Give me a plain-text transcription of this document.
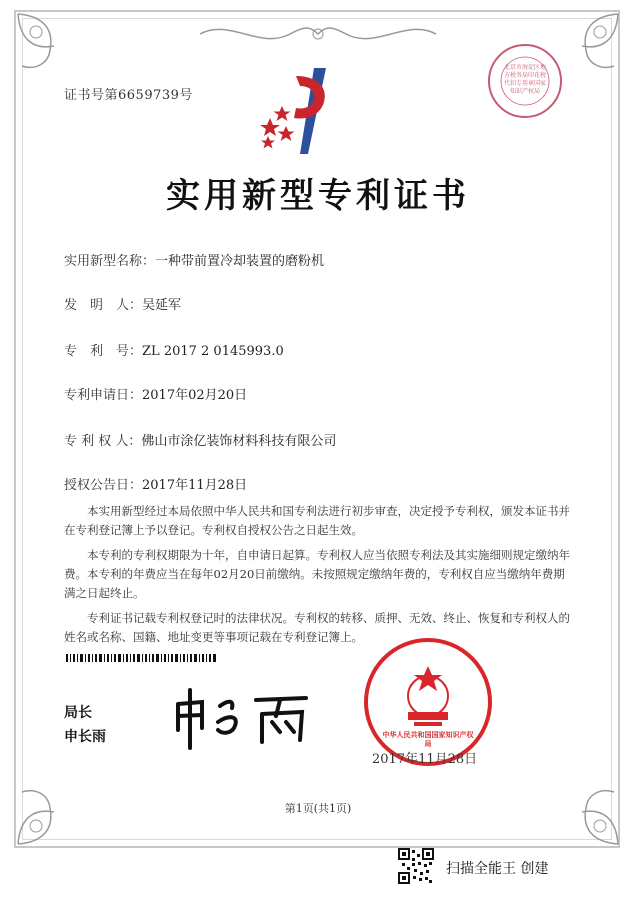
证书号第6659739号
北京市海淀区地方税务局印花税代扣专用章国家知识产权局
实用新型专利证书
实用新型名称：一种带前置冷却装置的磨粉机
发　明　人：吴延军
专　利　号：ZL 2017 2 0145993.0
专利申请日：2017年02月20日
专 利 权 人：佛山市涂亿装饰材料科技有限公司
授权公告日：2017年11月28日

本实用新型经过本局依照中华人民共和国专利法进行初步审查，决定授予专利权，颁发本证书并在专利登记簿上予以登记。专利权自授权公告之日起生效。

本专利的专利权期限为十年，自申请日起算。专利权人应当依照专利法及其实施细则规定缴纳年费。本专利的年费应当在每年02月20日前缴纳。未按照规定缴纳年费的，专利权自应当缴纳年费期满之日起终止。

专利证书记载专利权登记时的法律状况。专利权的转移、质押、无效、终止、恢复和专利权人的姓名或名称、国籍、地址变更等事项记载在专利登记簿上。

局长
申长雨	中华人民共和国国家知识产权局
2017年11月28日
第1页(共1页)
扫描全能王 创建
